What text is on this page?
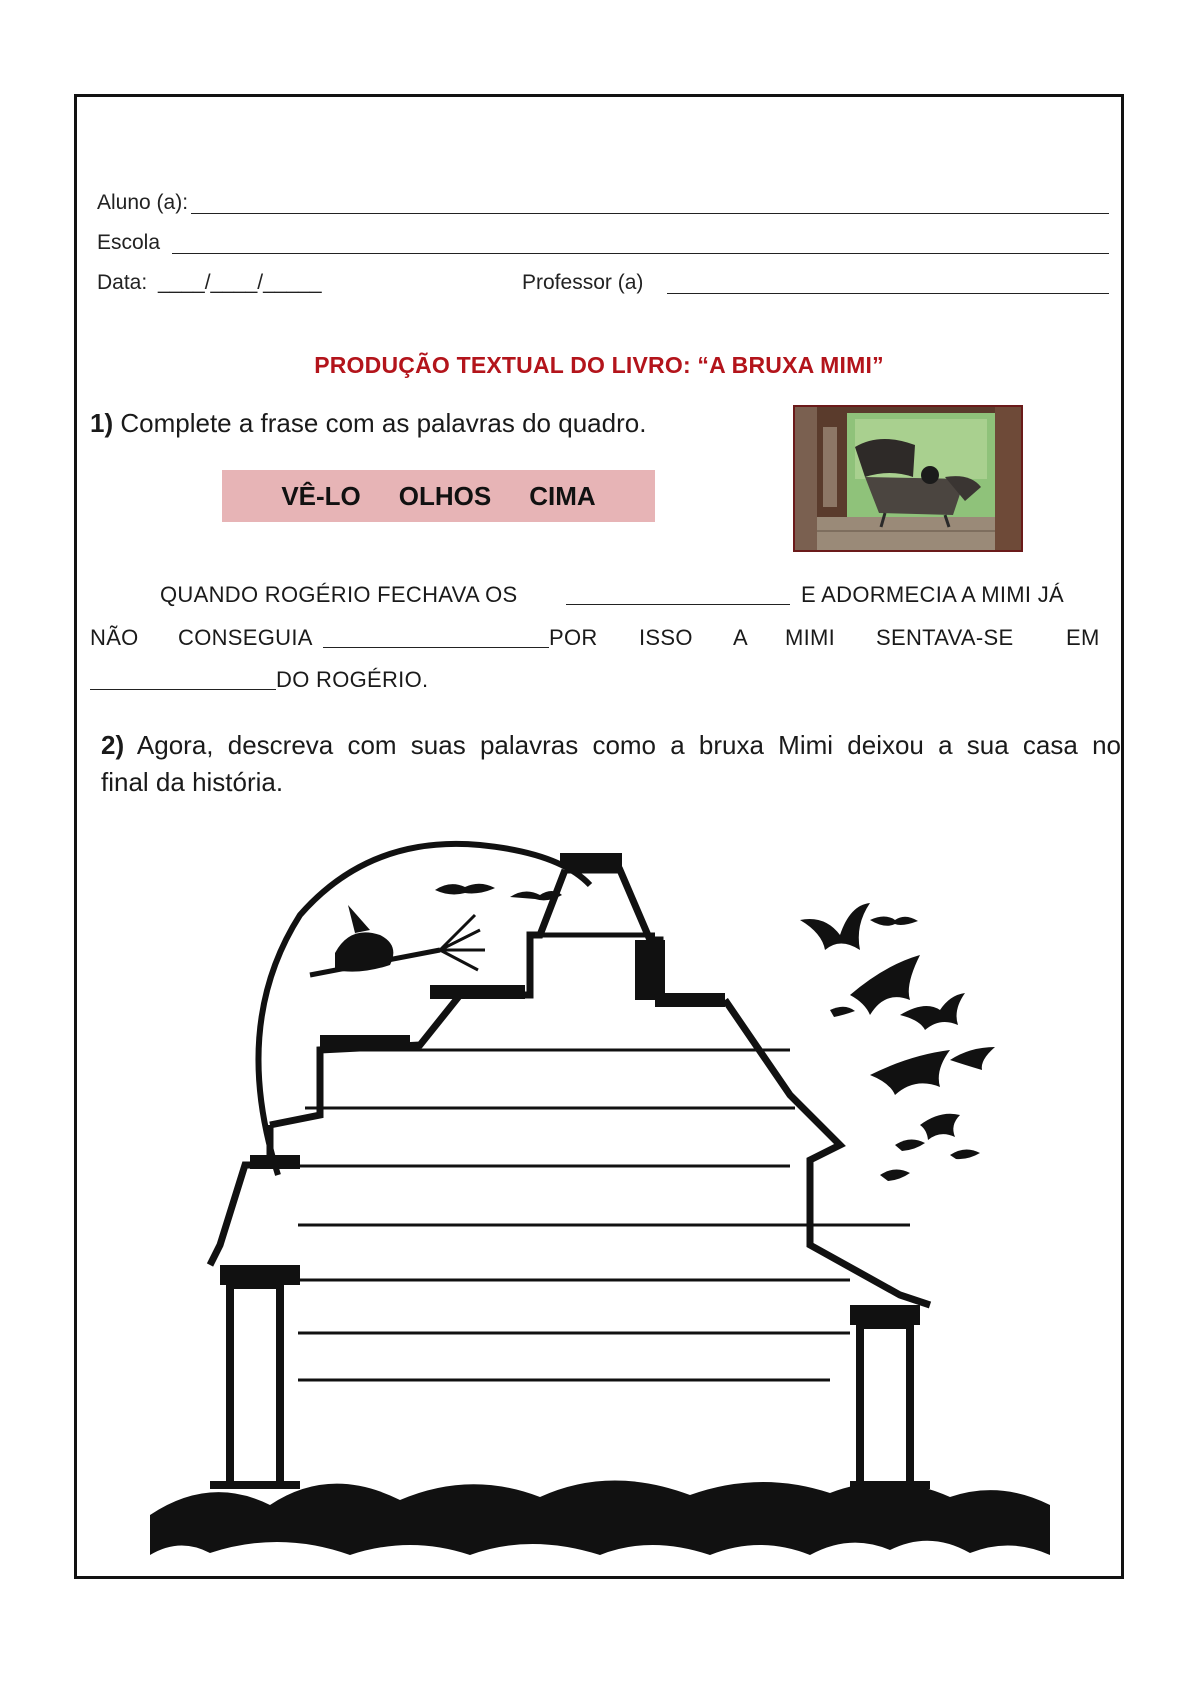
Aluno (a):
Escola
Data: ____/____/_____	Professor (a)
PRODUÇÃO TEXTUAL DO LIVRO: “A BRUXA MIMI”
1) Complete a frase com as palavras do quadro.
VÊ-LO OLHOS CIMA
QUANDO ROGÉRIO FECHAVA OS	E ADORMECIA A MIMI JÁ
NÃO CONSEGUIA	POR ISSO A MIMI SENTAVA-SE EM
DO ROGÉRIO.
2) Agora, descreva com suas palavras como a bruxa Mimi deixou a sua casa no
final da história.
